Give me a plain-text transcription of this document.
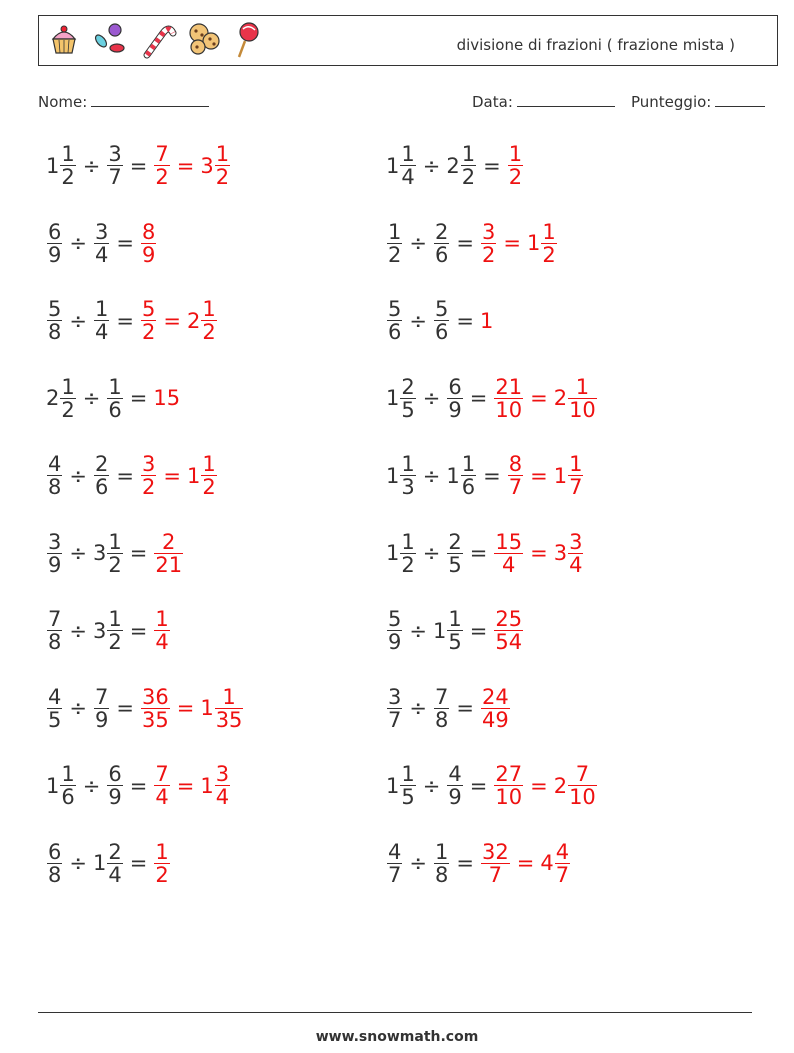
divisione di frazioni ( frazione mista )
Nome:	Data:	Punteggio:
$1 \frac{1}{2} \div \frac{3}{7} = \frac{7}{2} = 3 \frac{1}{2}$	$1 \frac{1}{4} \div 2 \frac{1}{2} = \frac{1}{2}$
$\frac{6}{9} \div \frac{3}{4} = \frac{8}{9}$	$\frac{1}{2} \div \frac{2}{6} = \frac{3}{2} = 1 \frac{1}{2}$
$\frac{5}{8} \div \frac{1}{4} = \frac{5}{2} = 2 \frac{1}{2}$	$\frac{5}{6} \div \frac{5}{6} = 1$
$2 \frac{1}{2} \div \frac{1}{6} = 15$	$1 \frac{2}{5} \div \frac{6}{9} = \frac{21}{10} = 2 \frac{1}{10}$
$\frac{4}{8} \div \frac{2}{6} = \frac{3}{2} = 1 \frac{1}{2}$	$1 \frac{1}{3} \div 1 \frac{1}{6} = \frac{8}{7} = 1 \frac{1}{7}$
$\frac{3}{9} \div 3 \frac{1}{2} = \frac{2}{21}$	$1 \frac{1}{2} \div \frac{2}{5} = \frac{15}{4} = 3 \frac{3}{4}$
$\frac{7}{8} \div 3 \frac{1}{2} = \frac{1}{4}$	$\frac{5}{9} \div 1 \frac{1}{5} = \frac{25}{54}$
$\frac{4}{5} \div \frac{7}{9} = \frac{36}{35} = 1 \frac{1}{35}$	$\frac{3}{7} \div \frac{7}{8} = \frac{24}{49}$
$1 \frac{1}{6} \div \frac{6}{9} = \frac{7}{4} = 1 \frac{3}{4}$	$1 \frac{1}{5} \div \frac{4}{9} = \frac{27}{10} = 2 \frac{7}{10}$
$\frac{6}{8} \div 1 \frac{2}{4} = \frac{1}{2}$	$\frac{4}{7} \div \frac{1}{8} = \frac{32}{7} = 4 \frac{4}{7}$
www.snowmath.com
